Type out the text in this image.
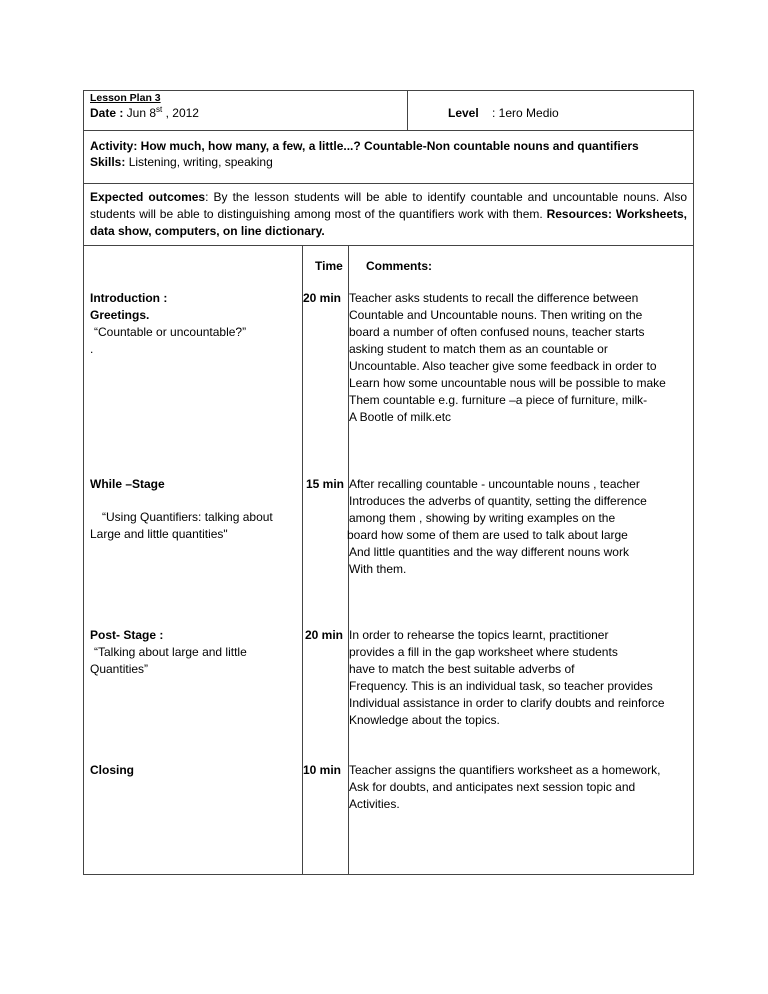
Lesson Plan 3
Date : Jun 8st , 2012	Level : 1ero Medio
Activity: How much, how many, a few, a little...? Countable-Non countable nouns and quantifiers
Skills: Listening, writing, speaking
Expected outcomes: By the lesson students will be able to identify countable and uncountable nouns. Also students will be able to distinguishing among most of the quantifiers work with them. Resources: Worksheets, data show, computers, on line dictionary.
Time Comments:
Introduction :
Greetings.
“Countable or uncountable?”
.
20 min Teacher asks students to recall the difference between
Countable and Uncountable nouns. Then writing on the
board a number of often confused nouns, teacher starts
asking student to match them as an countable or
Uncountable. Also teacher give some feedback in order to
Learn how some uncountable nous will be possible to make
Them countable e.g. furniture –a piece of furniture, milk-
A Bootle of milk.etc
While –Stage
“Using Quantifiers: talking about
Large and little quantities"
15 min After recalling countable - uncountable nouns , teacher
Introduces the adverbs of quantity, setting the difference
among them , showing by writing examples on the
board how some of them are used to talk about large
And little quantities and the way different nouns work
With them.
Post- Stage :
“Talking about large and little
Quantities”
20 min In order to rehearse the topics learnt, practitioner
provides a fill in the gap worksheet where students
have to match the best suitable adverbs of
Frequency. This is an individual task, so teacher provides
Individual assistance in order to clarify doubts and reinforce
Knowledge about the topics.
Closing	10 min Teacher assigns the quantifiers worksheet as a homework,
Ask for doubts, and anticipates next session topic and
Activities.
